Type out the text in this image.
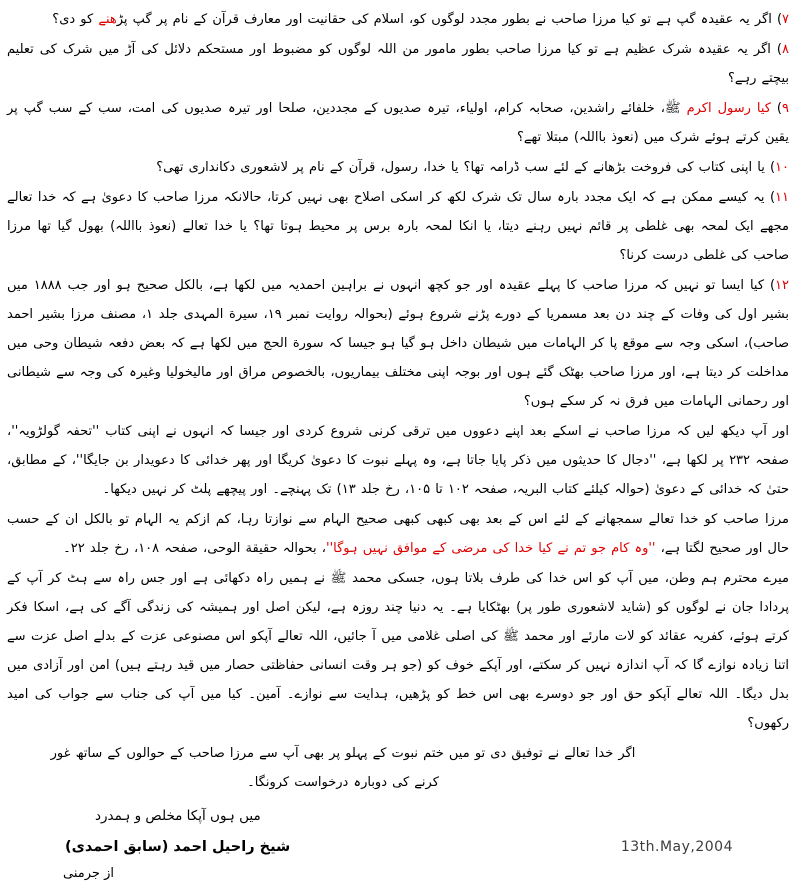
۷) اگر یہ عقیدہ گپ ہے تو کیا مرزا صاحب نے بطور مجدد لوگوں کو، اسلام کی حقانیت اور معارف قرآن کے نام پر گپ پڑھنے کو دی؟

۸) اگر یہ عقیدہ شرک عظیم ہے تو کیا مرزا صاحب بطور مامور من اللہ لوگوں کو مضبوط اور مستحکم دلائل کی آڑ میں شرک کی تعلیم بیچتے رہے؟

۹) کیا رسول اکرم ﷺ، خلفائے راشدین، صحابہ کرام، اولیاء، تیرہ صدیوں کے مجددین، صلحا اور تیرہ صدیوں کی امت، سب کے سب گپ پر یقین کرتے ہوئے شرک میں (نعوذ بااللہ) مبتلا تھے؟

۱۰) یا اپنی کتاب کی فروخت بڑھانے کے لئے سب ڈرامہ تھا؟ یا خدا، رسول، قرآن کے نام پر لاشعوری دکانداری تھی؟

۱۱) یہ کیسے ممکن ہے کہ ایک مجدد بارہ سال تک شرک لکھ کر اسکی اصلاح بھی نہیں کرتا، حالانکہ مرزا صاحب کا دعویٰ ہے کہ خدا تعالے مجھے ایک لمحہ بھی غلطی پر قائم نہیں رہنے دیتا، یا انکا لمحہ بارہ برس پر محیط ہوتا تھا؟ یا خدا تعالے (نعوذ بااللہ) بھول گیا تھا مرزا صاحب کی غلطی درست کرنا؟

۱۲) کیا ایسا تو نہیں کہ مرزا صاحب کا پہلے عقیدہ اور جو کچھ انہوں نے براہین احمدیہ میں لکھا ہے، بالکل صحیح ہو اور جب ۱۸۸۸ میں بشیر اول کی وفات کے چند دن بعد مسمریا کے دورے پڑنے شروع ہوئے (بحوالہ روایت نمبر ۱۹، سیرة المہدی جلد ۱، مصنف مرزا بشیر احمد صاحب)، اسکی وجہ سے موقع پا کر الہامات میں شیطان داخل ہو گیا ہو جیسا کہ سورة الحج میں لکھا ہے کہ بعض دفعہ شیطان وحی میں مداخلت کر دیتا ہے، اور مرزا صاحب بھٹک گئے ہوں اور بوجہ اپنی مختلف بیماریوں، بالخصوص مراق اور مالیخولیا وغیرہ کی وجہ سے شیطانی اور رحمانی الہامات میں فرق نہ کر سکے ہوں؟

اور آپ دیکھ لیں کہ مرزا صاحب نے اسکے بعد اپنے دعووں میں ترقی کرنی شروع کردی اور جیسا کہ انہوں نے اپنی کتاب ''تحفہ گولڑویہ''، صفحہ ۲۳۲ پر لکھا ہے، ''دجال کا حدیثوں میں ذکر پایا جاتا ہے، وہ پہلے نبوت کا دعویٰ کریگا اور پھر خدائی کا دعویدار بن جایگا''، کے مطابق، حتیٰ کہ خدائی کے دعویٰ (حوالہ کیلئے کتاب البریہ، صفحہ ۱۰۲ تا ۱۰۵، رخ جلد ۱۳) تک پہنچے۔ اور پیچھے پلٹ کر نہیں دیکھا۔

مرزا صاحب کو خدا تعالے سمجھانے کے لئے اس کے بعد بھی کبھی کبھی صحیح الہام سے نوازتا رہا، کم ازکم یہ الہام تو بالکل ان کے حسب حال اور صحیح لگتا ہے، ''وہ کام جو تم نے کیا خدا کی مرضی کے موافق نہیں ہوگا''، بحوالہ حقیقة الوحی، صفحہ ۱۰۸، رخ جلد ۲۲۔

میرے محترم ہم وطن، میں آپ کو اس خدا کی طرف بلاتا ہوں، جسکی محمد ﷺ نے ہمیں راہ دکھائی ہے اور جس راہ سے ہٹ کر آپ کے پردادا جان نے لوگوں کو (شاید لاشعوری طور پر) بھٹکایا ہے۔ یہ دنیا چند روزہ ہے، لیکن اصل اور ہمیشہ کی زندگی آگے کی ہے، اسکا فکر کرتے ہوئے، کفریہ عقائد کو لات مارئے اور محمد ﷺ کی اصلی غلامی میں آ جائیں، اللہ تعالے آپکو اس مصنوعی عزت کے بدلے اصل عزت سے اتنا زیادہ نوازے گا کہ آپ اندازہ نہیں کر سکتے، اور آپکے خوف کو (جو ہر وقت انسانی حفاظتی حصار میں قید رہتے ہیں) امن اور آزادی میں بدل دیگا۔ اللہ تعالے آپکو حق اور جو دوسرے بھی اس خط کو پڑھیں، ہدایت سے نوازے۔ آمین۔ کیا میں آپ کی جناب سے جواب کی امید رکھوں؟

اگر خدا تعالے نے توفیق دی تو میں ختم نبوت کے پہلو پر بھی آپ سے مرزا صاحب کے حوالوں کے ساتھ غور کرنے کی دوبارہ درخواست کرونگا۔

میں ہوں آپکا مخلص و ہمدرد
شیخ راحیل احمد (سابق احمدی)	13th.May,2004
از جرمنی
